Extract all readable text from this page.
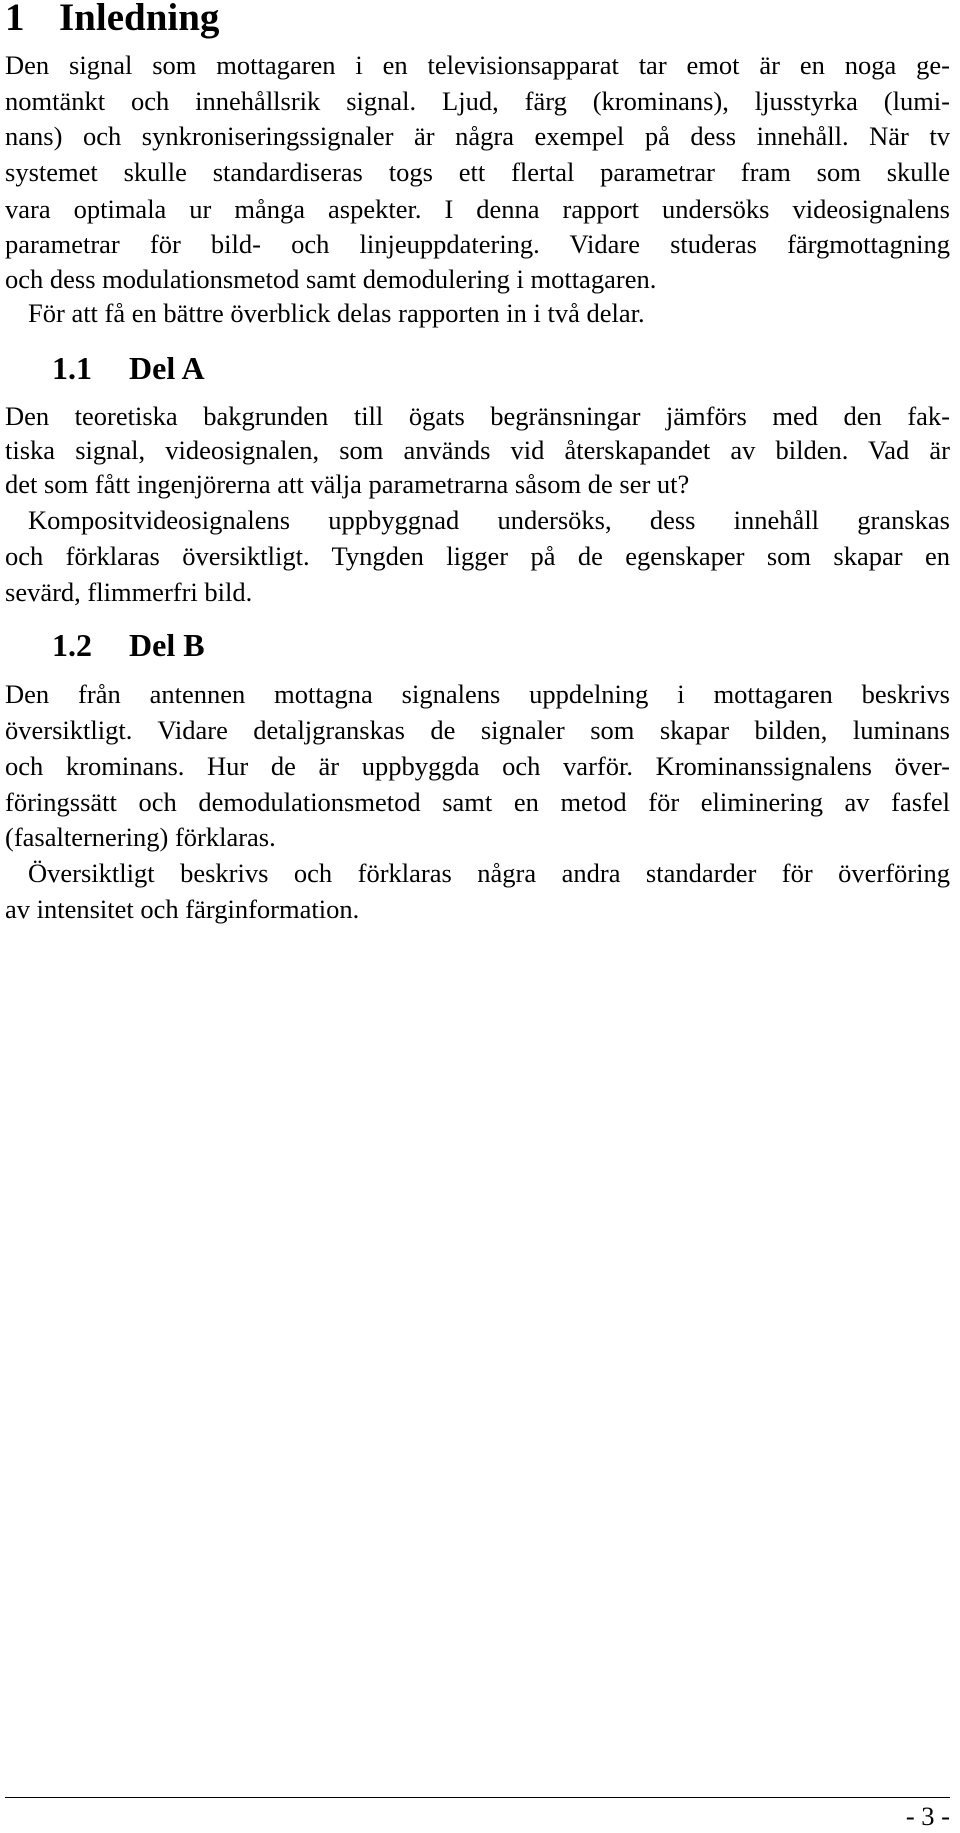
1 Inledning
Den signal som mottagaren i en televisionsapparat tar emot är en noga ge-
nomtänkt och innehållsrik signal. Ljud, färg (krominans), ljusstyrka (lumi-
nans) och synkroniseringssignaler är några exempel på dess innehåll. När tv
systemet skulle standardiseras togs ett flertal parametrar fram som skulle
vara optimala ur många aspekter. I denna rapport undersöks videosignalens
parametrar för bild- och linjeuppdatering. Vidare studeras färgmottagning
och dess modulationsmetod samt demodulering i mottagaren.
För att få en bättre överblick delas rapporten in i två delar.
1.1 Del A
Den teoretiska bakgrunden till ögats begränsningar jämförs med den fak-
tiska signal, videosignalen, som används vid återskapandet av bilden. Vad är
det som fått ingenjörerna att välja parametrarna såsom de ser ut?
Kompositvideosignalens uppbyggnad undersöks, dess innehåll granskas
och förklaras översiktligt. Tyngden ligger på de egenskaper som skapar en
sevärd, flimmerfri bild.
1.2 Del B
Den från antennen mottagna signalens uppdelning i mottagaren beskrivs
översiktligt. Vidare detaljgranskas de signaler som skapar bilden, luminans
och krominans. Hur de är uppbyggda och varför. Krominanssignalens över-
föringssätt och demodulationsmetod samt en metod för eliminering av fasfel
(fasalternering) förklaras.
Översiktligt beskrivs och förklaras några andra standarder för överföring
av intensitet och färginformation.
- 3 -
